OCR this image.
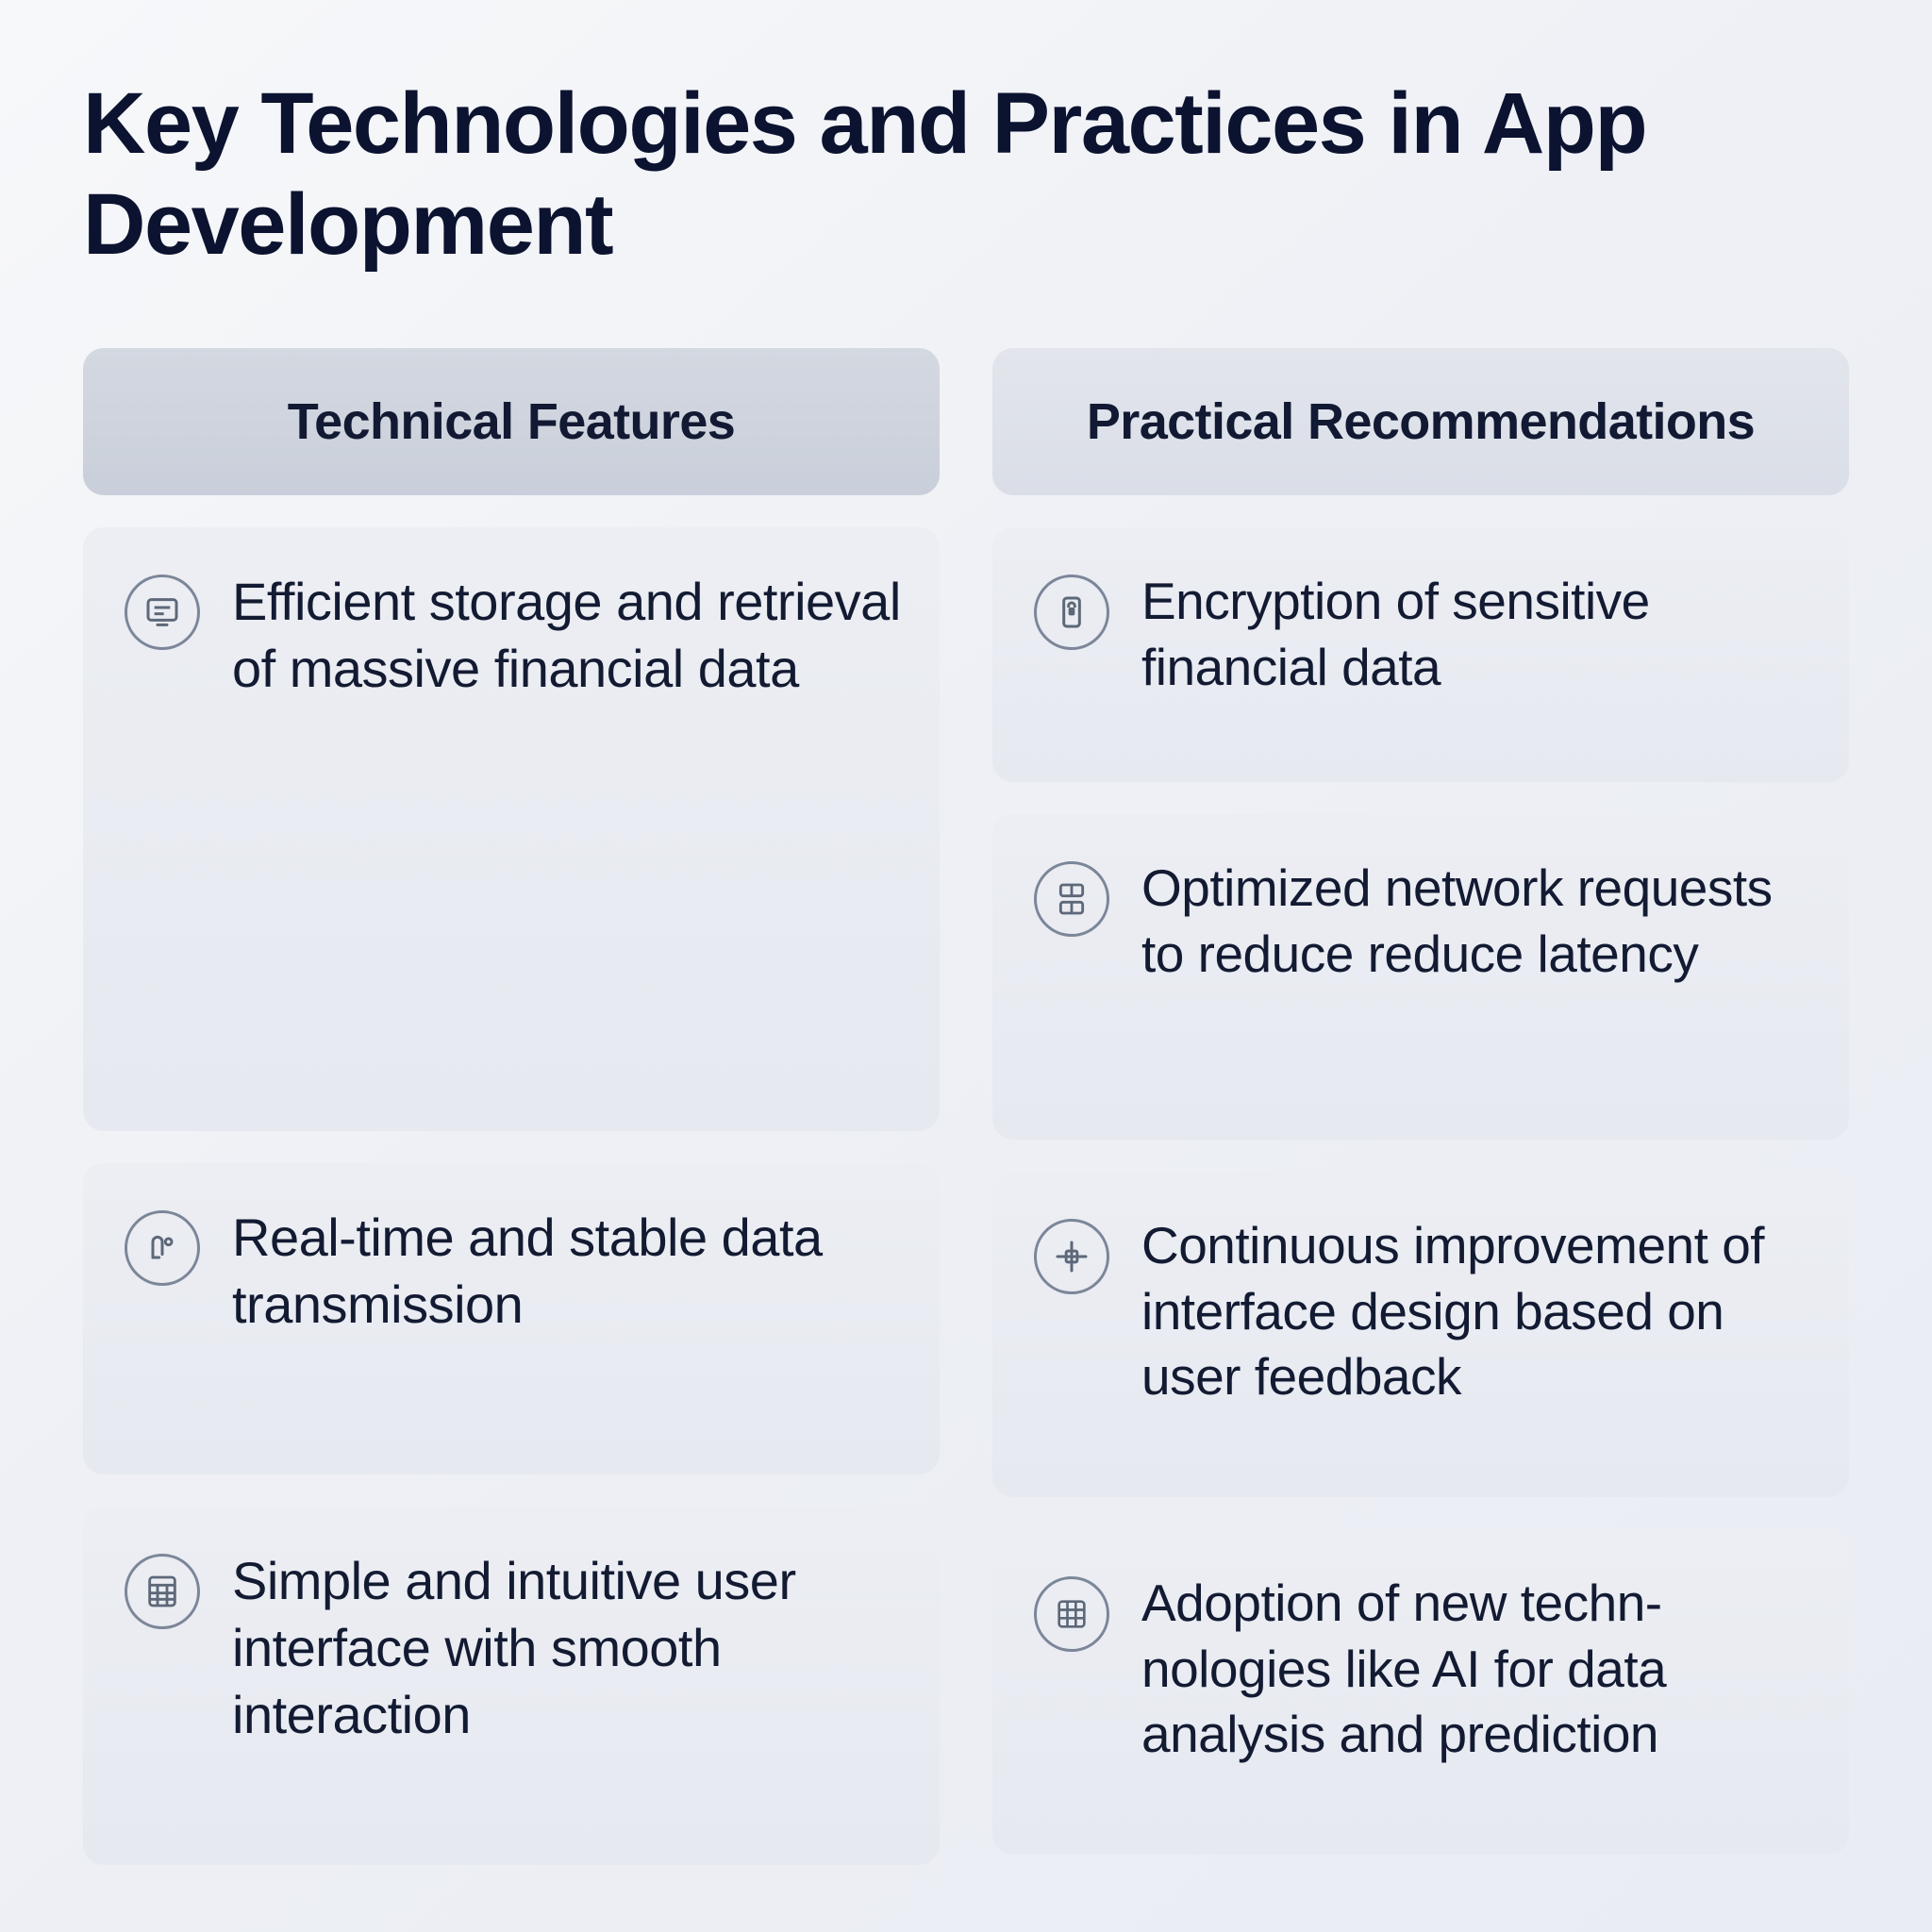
Key Technologies and Practices in App Development
Technical Features
Efficient storage and retrieval of massive financial data
Real-time and stable data transmission
Simple and intuitive user interface with smooth interaction
Practical Recommendations
Encryption of sensitive financial data
Optimized network requests to reduce reduce latency
Continuous improvement of interface design based on user feedback
Adoption of new techn-nologies like AI for data analysis and prediction
